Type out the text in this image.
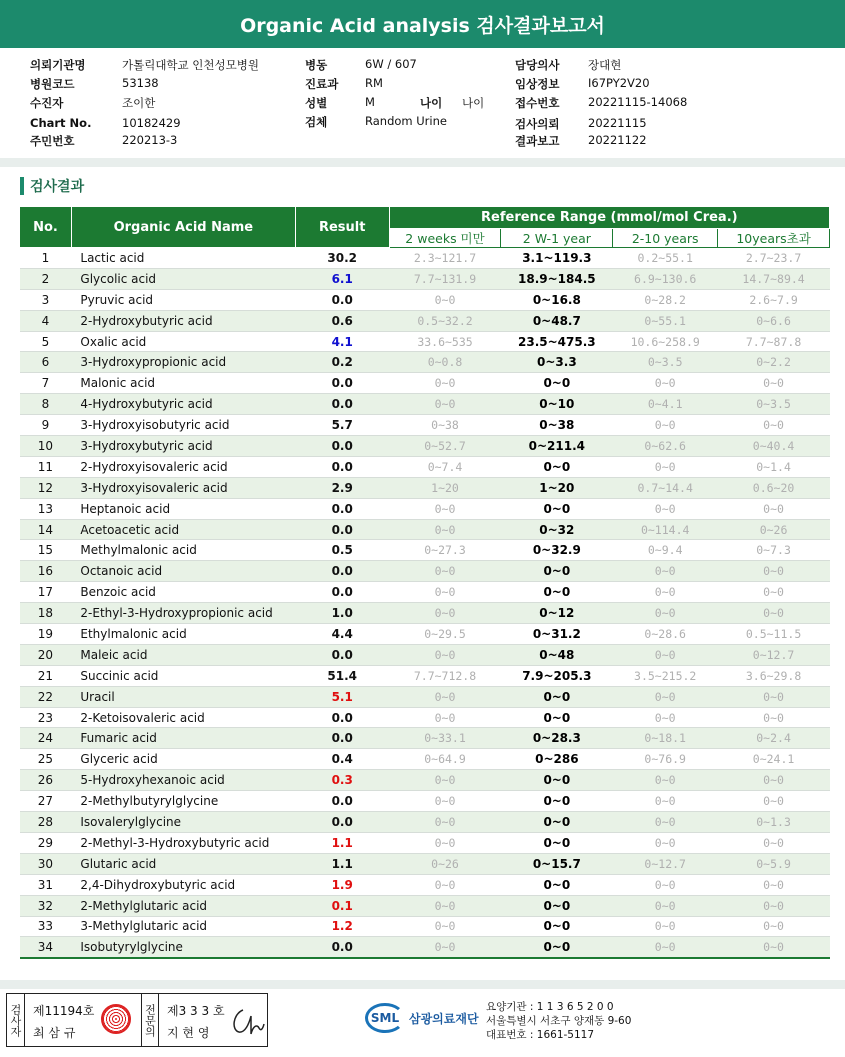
Organic Acid analysis 검사결과보고서
의뢰기관명	가톨릭대학교 인천성모병원
병원코드	53138
수진자	조이한
Chart No.	10182429
주민번호	220213-3
병동	6W / 607
진료과 RM
성별	M	나이 나이
검체	Random Urine
담당의사 장대현
임상정보 I67PY2V20
접수번호 20221115-14068
검사의뢰 20221115
결과보고 20221122
검사결과
No.	Organic Acid Name	Result	Reference Range (mmol/mol Crea.)			
			2 weeks 미만	2 W-1 year	2-10 years	10years초과
1	Lactic acid	30.2	2.3~121.7	3.1~119.3	0.2~55.1	2.7~23.7
2	Glycolic acid	6.1	7.7~131.9	18.9~184.5	6.9~130.6	14.7~89.4
3	Pyruvic acid	0.0	0~0	0~16.8	0~28.2	2.6~7.9
4	2-Hydroxybutyric acid	0.6	0.5~32.2	0~48.7	0~55.1	0~6.6
5	Oxalic acid	4.1	33.6~535	23.5~475.3	10.6~258.9	7.7~87.8
6	3-Hydroxypropionic acid	0.2	0~0.8	0~3.3	0~3.5	0~2.2
7	Malonic acid	0.0	0~0	0~0	0~0	0~0
8	4-Hydroxybutyric acid	0.0	0~0	0~10	0~4.1	0~3.5
9	3-Hydroxyisobutyric acid	5.7	0~38	0~38	0~0	0~0
10	3-Hydroxybutyric acid	0.0	0~52.7	0~211.4	0~62.6	0~40.4
11	2-Hydroxyisovaleric acid	0.0	0~7.4	0~0	0~0	0~1.4
12	3-Hydroxyisovaleric acid	2.9	1~20	1~20	0.7~14.4	0.6~20
13	Heptanoic acid	0.0	0~0	0~0	0~0	0~0
14	Acetoacetic acid	0.0	0~0	0~32	0~114.4	0~26
15	Methylmalonic acid	0.5	0~27.3	0~32.9	0~9.4	0~7.3
16	Octanoic acid	0.0	0~0	0~0	0~0	0~0
17	Benzoic acid	0.0	0~0	0~0	0~0	0~0
18	2-Ethyl-3-Hydroxypropionic acid	1.0	0~0	0~12	0~0	0~0
19	Ethylmalonic acid	4.4	0~29.5	0~31.2	0~28.6	0.5~11.5
20	Maleic acid	0.0	0~0	0~48	0~0	0~12.7
21	Succinic acid	51.4	7.7~712.8	7.9~205.3	3.5~215.2	3.6~29.8
22	Uracil	5.1	0~0	0~0	0~0	0~0
23	2-Ketoisovaleric acid	0.0	0~0	0~0	0~0	0~0
24	Fumaric acid	0.0	0~33.1	0~28.3	0~18.1	0~2.4
25	Glyceric acid	0.4	0~64.9	0~286	0~76.9	0~24.1
26	5-Hydroxyhexanoic acid	0.3	0~0	0~0	0~0	0~0
27	2-Methylbutyrylglycine	0.0	0~0	0~0	0~0	0~0
28	Isovalerylglycine	0.0	0~0	0~0	0~0	0~1.3
29	2-Methyl-3-Hydroxybutyric acid	1.1	0~0	0~0	0~0	0~0
30	Glutaric acid	1.1	0~26	0~15.7	0~12.7	0~5.9
31	2,4-Dihydroxybutyric acid	1.9	0~0	0~0	0~0	0~0
32	2-Methylglutaric acid	0.1	0~0	0~0	0~0	0~0
33	3-Methylglutaric acid	1.2	0~0	0~0	0~0	0~0
34	Isobutyrylglycine	0.0	0~0	0~0	0~0	0~0
검사자 제11194호
최 삼 규	전문의 제3 3 3 호
지 현 영
SML 삼광의료재단
요양기관 : 1 1 3 6 5 2 0 0
서울특별시 서초구 양재동 9-60
대표번호 : 1661-5117
